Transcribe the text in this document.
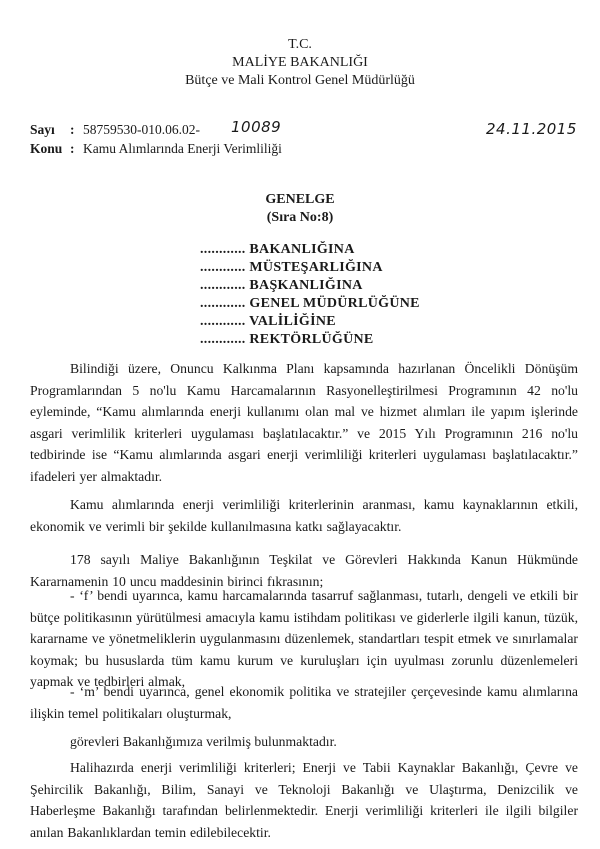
T.C.
MALİYE BAKANLIĞI
Bütçe ve Mali Kontrol Genel Müdürlüğü
Sayı : 58759530-010.06.02- 10089	24.11.2015
Konu : Kamu Alımlarında Enerji Verimliliği
GENELGE
(Sıra No:8)
............ BAKANLIĞINA
............ MÜSTEŞARLIĞINA
............ BAŞKANLIĞINA
............ GENEL MÜDÜRLÜĞÜNE
............ VALİLİĞİNE
............ REKTÖRLÜĞÜNE
Bilindiği üzere, Onuncu Kalkınma Planı kapsamında hazırlanan Öncelikli Dönüşüm Programlarından 5 no'lu Kamu Harcamalarının Rasyonelleştirilmesi Programının 42 no'lu eyleminde, “Kamu alımlarında enerji kullanımı olan mal ve hizmet alımları ile yapım işlerinde asgari verimlilik kriterleri uygulaması başlatılacaktır.” ve 2015 Yılı Programının 216 no'lu tedbirinde ise “Kamu alımlarında asgari enerji verimliliği kriterleri uygulaması başlatılacaktır.” ifadeleri yer almaktadır.
Kamu alımlarında enerji verimliliği kriterlerinin aranması, kamu kaynaklarının etkili, ekonomik ve verimli bir şekilde kullanılmasına katkı sağlayacaktır.
178 sayılı Maliye Bakanlığının Teşkilat ve Görevleri Hakkında Kanun Hükmünde Kararnamenin 10 uncu maddesinin birinci fıkrasının;
- ‘f’ bendi uyarınca, kamu harcamalarında tasarruf sağlanması, tutarlı, dengeli ve etkili bir bütçe politikasının yürütülmesi amacıyla kamu istihdam politikası ve giderlerle ilgili kanun, tüzük, kararname ve yönetmeliklerin uygulanmasını düzenlemek, standartları tespit etmek ve sınırlamalar koymak; bu hususlarda tüm kamu kurum ve kuruluşları için uyulması zorunlu düzenlemeleri yapmak ve tedbirleri almak,
- ‘m’ bendi uyarınca, genel ekonomik politika ve stratejiler çerçevesinde kamu alımlarına ilişkin temel politikaları oluşturmak,
görevleri Bakanlığımıza verilmiş bulunmaktadır.
Halihazırda enerji verimliliği kriterleri; Enerji ve Tabii Kaynaklar Bakanlığı, Çevre ve Şehircilik Bakanlığı, Bilim, Sanayi ve Teknoloji Bakanlığı ve Ulaştırma, Denizcilik ve Haberleşme Bakanlığı tarafından belirlenmektedir. Enerji verimliliği kriterleri ile ilgili bilgiler anılan Bakanlıklardan temin edilebilecektir.
